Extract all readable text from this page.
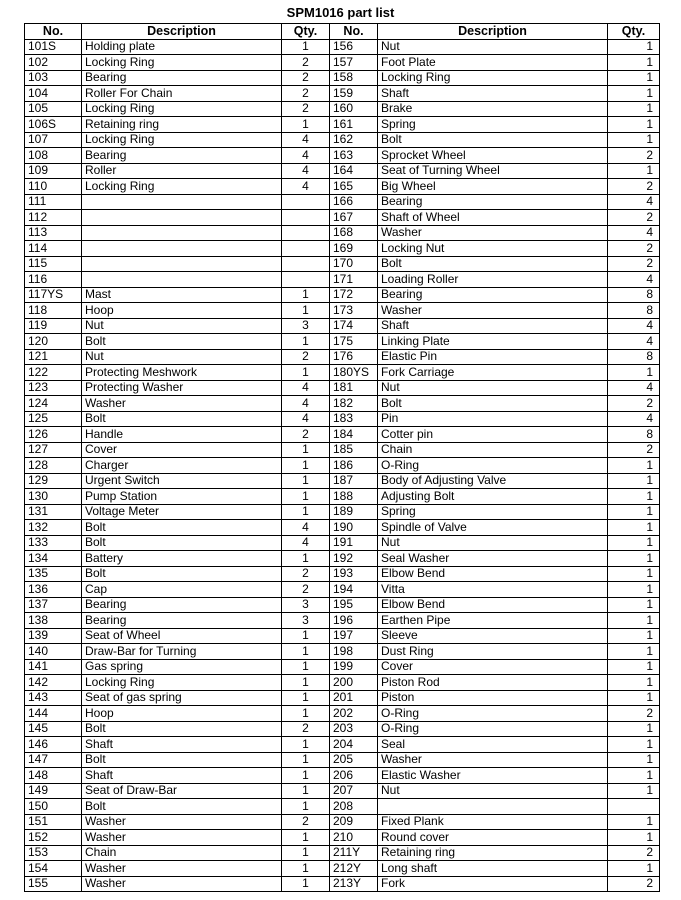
SPM1016 part list
No.	Description	Qty.	No.	Description	Qty.
101S	Holding plate	1	156	Nut	1
102	Locking Ring	2	157	Foot Plate	1
103	Bearing	2	158	Locking Ring	1
104	Roller For Chain	2	159	Shaft	1
105	Locking Ring	2	160	Brake	1
106S	Retaining ring	1	161	Spring	1
107	Locking Ring	4	162	Bolt	1
108	Bearing	4	163	Sprocket Wheel	2
109	Roller	4	164	Seat of Turning Wheel	1
110	Locking Ring	4	165	Big Wheel	2
111			166	Bearing	4
112			167	Shaft of Wheel	2
113			168	Washer	4
114			169	Locking Nut	2
115			170	Bolt	2
116			171	Loading Roller	4
117YS	Mast	1	172	Bearing	8
118	Hoop	1	173	Washer	8
119	Nut	3	174	Shaft	4
120	Bolt	1	175	Linking Plate	4
121	Nut	2	176	Elastic Pin	8
122	Protecting Meshwork	1	180YS	Fork Carriage	1
123	Protecting Washer	4	181	Nut	4
124	Washer	4	182	Bolt	2
125	Bolt	4	183	Pin	4
126	Handle	2	184	Cotter pin	8
127	Cover	1	185	Chain	2
128	Charger	1	186	O-Ring	1
129	Urgent Switch	1	187	Body of Adjusting Valve	1
130	Pump Station	1	188	Adjusting Bolt	1
131	Voltage Meter	1	189	Spring	1
132	Bolt	4	190	Spindle of Valve	1
133	Bolt	4	191	Nut	1
134	Battery	1	192	Seal Washer	1
135	Bolt	2	193	Elbow Bend	1
136	Cap	2	194	Vitta	1
137	Bearing	3	195	Elbow Bend	1
138	Bearing	3	196	Earthen Pipe	1
139	Seat of Wheel	1	197	Sleeve	1
140	Draw-Bar for Turning	1	198	Dust Ring	1
141	Gas spring	1	199	Cover	1
142	Locking Ring	1	200	Piston Rod	1
143	Seat of gas spring	1	201	Piston	1
144	Hoop	1	202	O-Ring	2
145	Bolt	2	203	O-Ring	1
146	Shaft	1	204	Seal	1
147	Bolt	1	205	Washer	1
148	Shaft	1	206	Elastic Washer	1
149	Seat of Draw-Bar	1	207	Nut	1
150	Bolt	1	208		
151	Washer	2	209	Fixed Plank	1
152	Washer	1	210	Round cover	1
153	Chain	1	211Y	Retaining ring	2
154	Washer	1	212Y	Long shaft	1
155	Washer	1	213Y	Fork	2
